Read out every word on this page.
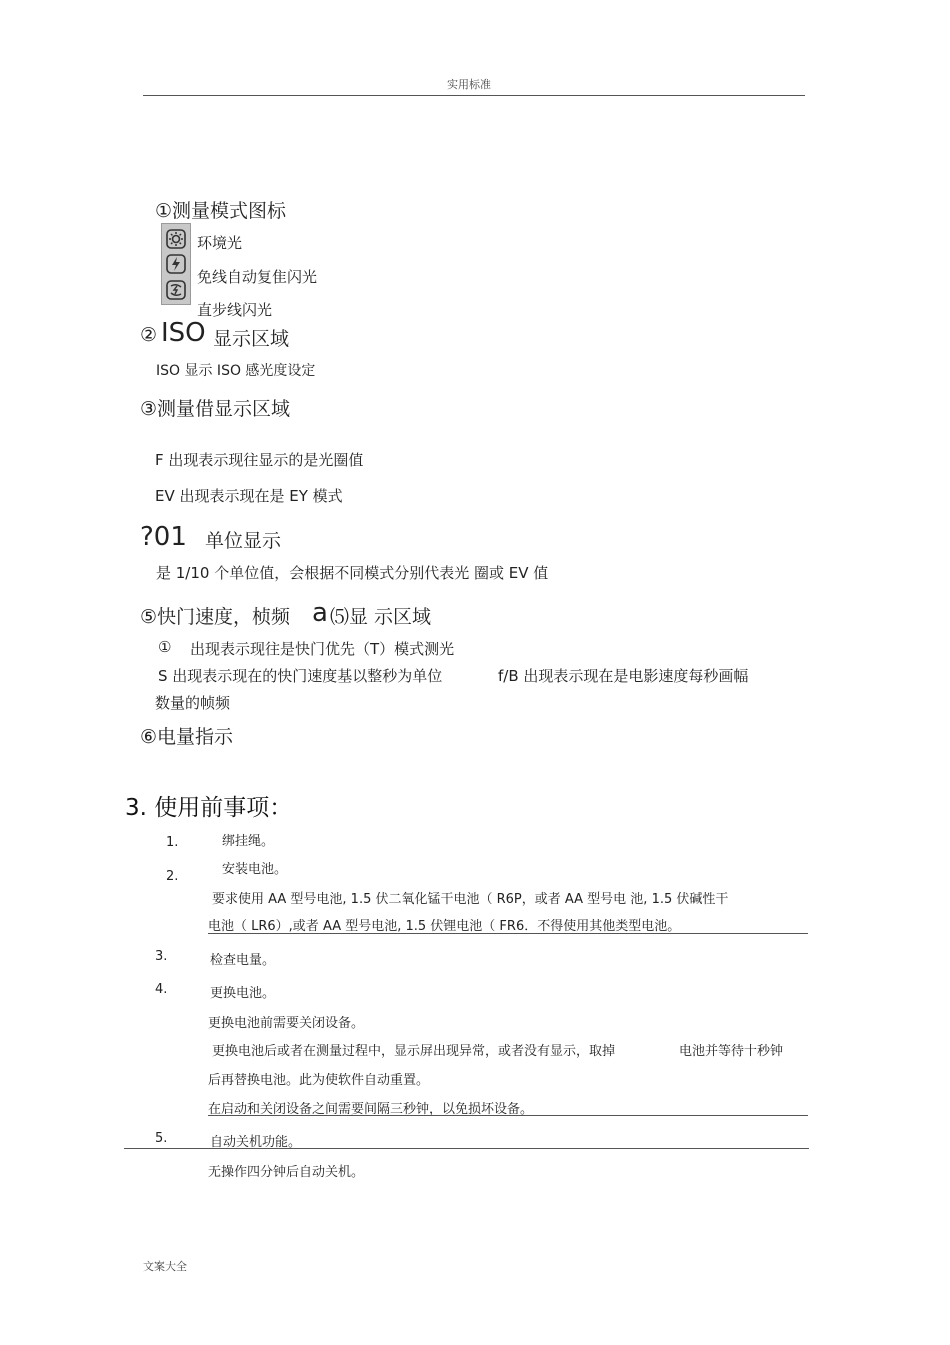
实用标准
①测量模式图标
环境光
免线自动复隹闪光
直步线闪光
② ISO 显示区域
ISO 显示 ISO 感光度设定
③测量借显示区域
F 出现表示现往显示的是光圈值
EV 出现表示现在是 EY 模式
?01 单位显示
是 1/10 个单位值，会根据不同模式分别代表光 圈或 EV 值
⑤快门速度，桢频 a ⑸显 示区域
① 出现表示现往是快门优先（T）模式测光
S 出现表示现在的快门速度基以整秒为单位	f/B 出现表示现在是电影速度每秒画幅
数量的帧频
⑥电量指示
3. 使用前事项：
1.	绑挂绳。
2.	安装电池。
要求使用 AA 型号电池, 1.5 伏二氧化锰干电池（ R6P，或者 AA 型号电 池, 1.5 伏碱性干
电池（ LR6）,或者 AA 型号电池, 1.5 伏锂电池（ FR6．不得使用其他类型电池。
3.	检查电量。
4.	更换电池。
更换电池前需要关闭设备。
更换电池后或者在测量过程中，显示屏出现异常，或者没有显示，取掉	电池并等待十秒钟
后再替换电池。此为使软件自动重置。
在启动和关闭设备之间需要间隔三秒钟，以免损坏设备。
5.	自动关机功能。
无操作四分钟后自动关机。
文案大全
